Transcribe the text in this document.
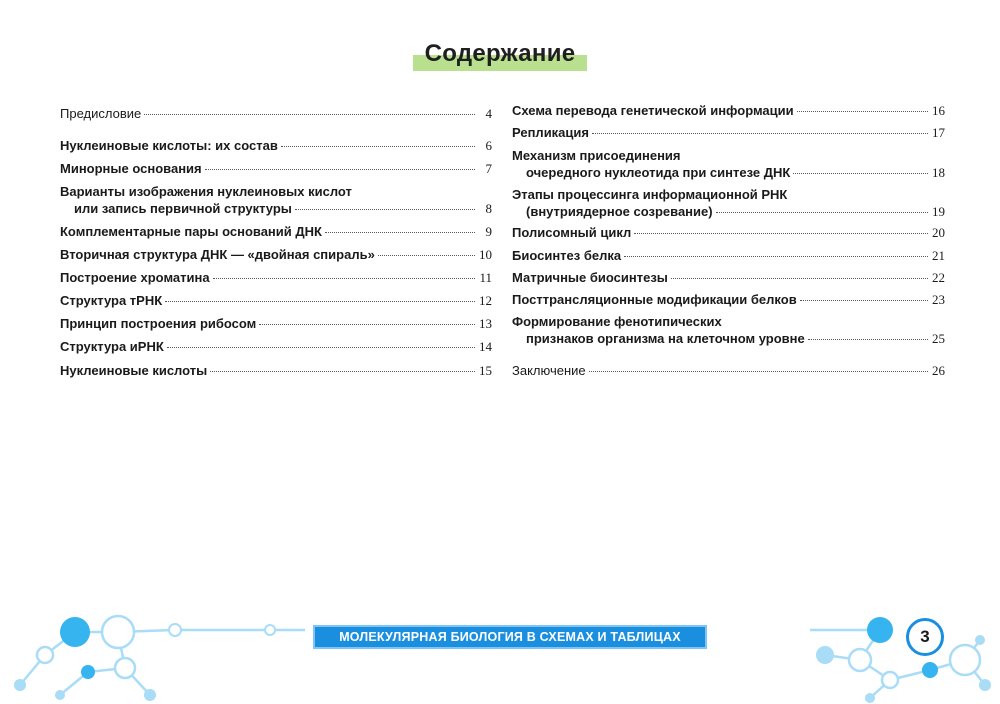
Содержание
Предисловие	4
Нуклеиновые кислоты: их состав	6
Минорные основания	7
Варианты изображения нуклеиновых кислот
или запись первичной структуры	8
Комплементарные пары оснований ДНК	9
Вторичная структура ДНК — «двойная спираль»	10
Построение хроматина	11
Структура тРНК	12
Принцип построения рибосом	13
Структура иРНК	14
Нуклеиновые кислоты	15
Схема перевода генетической информации	16
Репликация	17
Механизм присоединения
очередного нуклеотида при синтезе ДНК	18
Этапы процессинга информационной РНК
(внутриядерное созревание)	19
Полисомный цикл	20
Биосинтез белка	21
Матричные биосинтезы	22
Посттрансляционные модификации белков	23
Формирование фенотипических
признаков организма на клеточном уровне	25
Заключение	26
МОЛЕКУЛЯРНАЯ БИОЛОГИЯ В СХЕМАХ И ТАБЛИЦАХ	3
